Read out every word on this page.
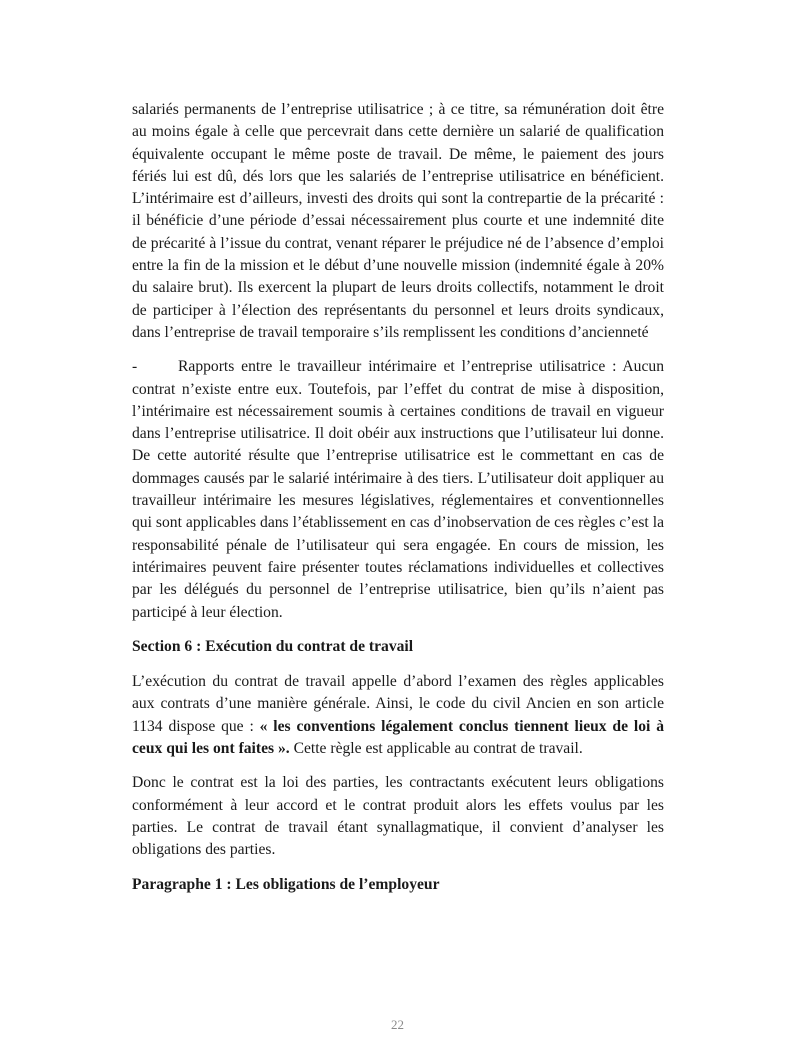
salariés permanents de l’entreprise utilisatrice ; à ce titre, sa rémunération doit être au moins égale à celle que percevrait dans cette dernière un salarié de qualification équivalente occupant le même poste de travail. De même, le paiement des jours fériés lui est dû, dés lors que les salariés de l’entreprise utilisatrice en bénéficient. L’intérimaire est d’ailleurs, investi des droits qui sont la contrepartie de la précarité : il bénéficie d’une période d’essai nécessairement plus courte et une indemnité dite de précarité à l’issue du contrat, venant réparer le préjudice né de l’absence d’emploi entre la fin de la mission et le début d’une nouvelle mission (indemnité égale à 20% du salaire brut). Ils exercent la plupart de leurs droits collectifs, notamment le droit de participer à l’élection des représentants du personnel et leurs droits syndicaux, dans l’entreprise de travail temporaire s’ils remplissent les conditions d’ancienneté

-	Rapports entre le travailleur intérimaire et l’entreprise utilisatrice : Aucun contrat n’existe entre eux. Toutefois, par l’effet du contrat de mise à disposition, l’intérimaire est nécessairement soumis à certaines conditions de travail en vigueur dans l’entreprise utilisatrice. Il doit obéir aux instructions que l’utilisateur lui donne. De cette autorité résulte que l’entreprise utilisatrice est le commettant en cas de dommages causés par le salarié intérimaire à des tiers. L’utilisateur doit appliquer au travailleur intérimaire les mesures législatives, réglementaires et conventionnelles qui sont applicables dans l’établissement en cas d’inobservation de ces règles c’est la responsabilité pénale de l’utilisateur qui sera engagée. En cours de mission, les intérimaires peuvent faire présenter toutes réclamations individuelles et collectives par les délégués du personnel de l’entreprise utilisatrice, bien qu’ils n’aient pas participé à leur élection.

Section 6 : Exécution du contrat de travail

L’exécution du contrat de travail appelle d’abord l’examen des règles applicables aux contrats d’une manière générale. Ainsi, le code du civil Ancien en son article 1134 dispose que : « les conventions légalement conclus tiennent lieux de loi à ceux qui les ont faites ». Cette règle est applicable au contrat de travail.

Donc le contrat est la loi des parties, les contractants exécutent leurs obligations conformément à leur accord et le contrat produit alors les effets voulus par les parties. Le contrat de travail étant synallagmatique, il convient d’analyser les obligations des parties.

Paragraphe 1 : Les obligations de l’employeur

22
